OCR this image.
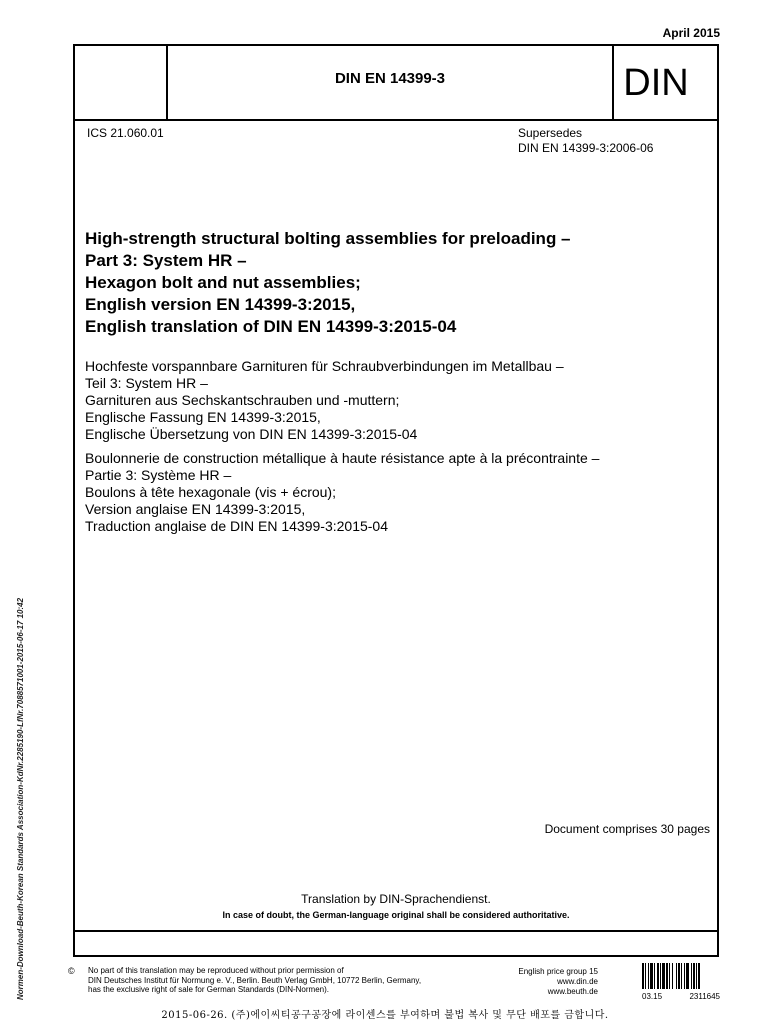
April 2015
DIN EN 14399-3	DIN
ICS 21.060.01	Supersedes
DIN EN 14399-3:2006-06
High-strength structural bolting assemblies for preloading –
Part 3: System HR –
Hexagon bolt and nut assemblies;
English version EN 14399-3:2015,
English translation of DIN EN 14399-3:2015-04
Hochfeste vorspannbare Garnituren für Schraubverbindungen im Metallbau –
Teil 3: System HR –
Garnituren aus Sechskantschrauben und -muttern;
Englische Fassung EN 14399-3:2015,
Englische Übersetzung von DIN EN 14399-3:2015-04
Boulonnerie de construction métallique à haute résistance apte à la précontrainte –
Partie 3: Système HR –
Boulons à tête hexagonale (vis + écrou);
Version anglaise EN 14399-3:2015,
Traduction anglaise de DIN EN 14399-3:2015-04
Document comprises 30 pages
Translation by DIN-Sprachendienst.
In case of doubt, the German-language original shall be considered authoritative.
© No part of this translation may be reproduced without prior permission of
DIN Deutsches Institut für Normung e. V., Berlin. Beuth Verlag GmbH, 10772 Berlin, Germany,
has the exclusive right of sale for German Standards (DIN-Normen).
English price group 15
www.din.de
www.beuth.de
03.15	2311645
2015-06-26. (주)에이씨티공구공장에 라이센스를 부여하며 불법 복사 및 무단 배포를 금합니다.
Normen-Download-Beuth-Korean Standards Association-KdNr.2285190-LfNr.7088571001-2015-06-17 10:42
